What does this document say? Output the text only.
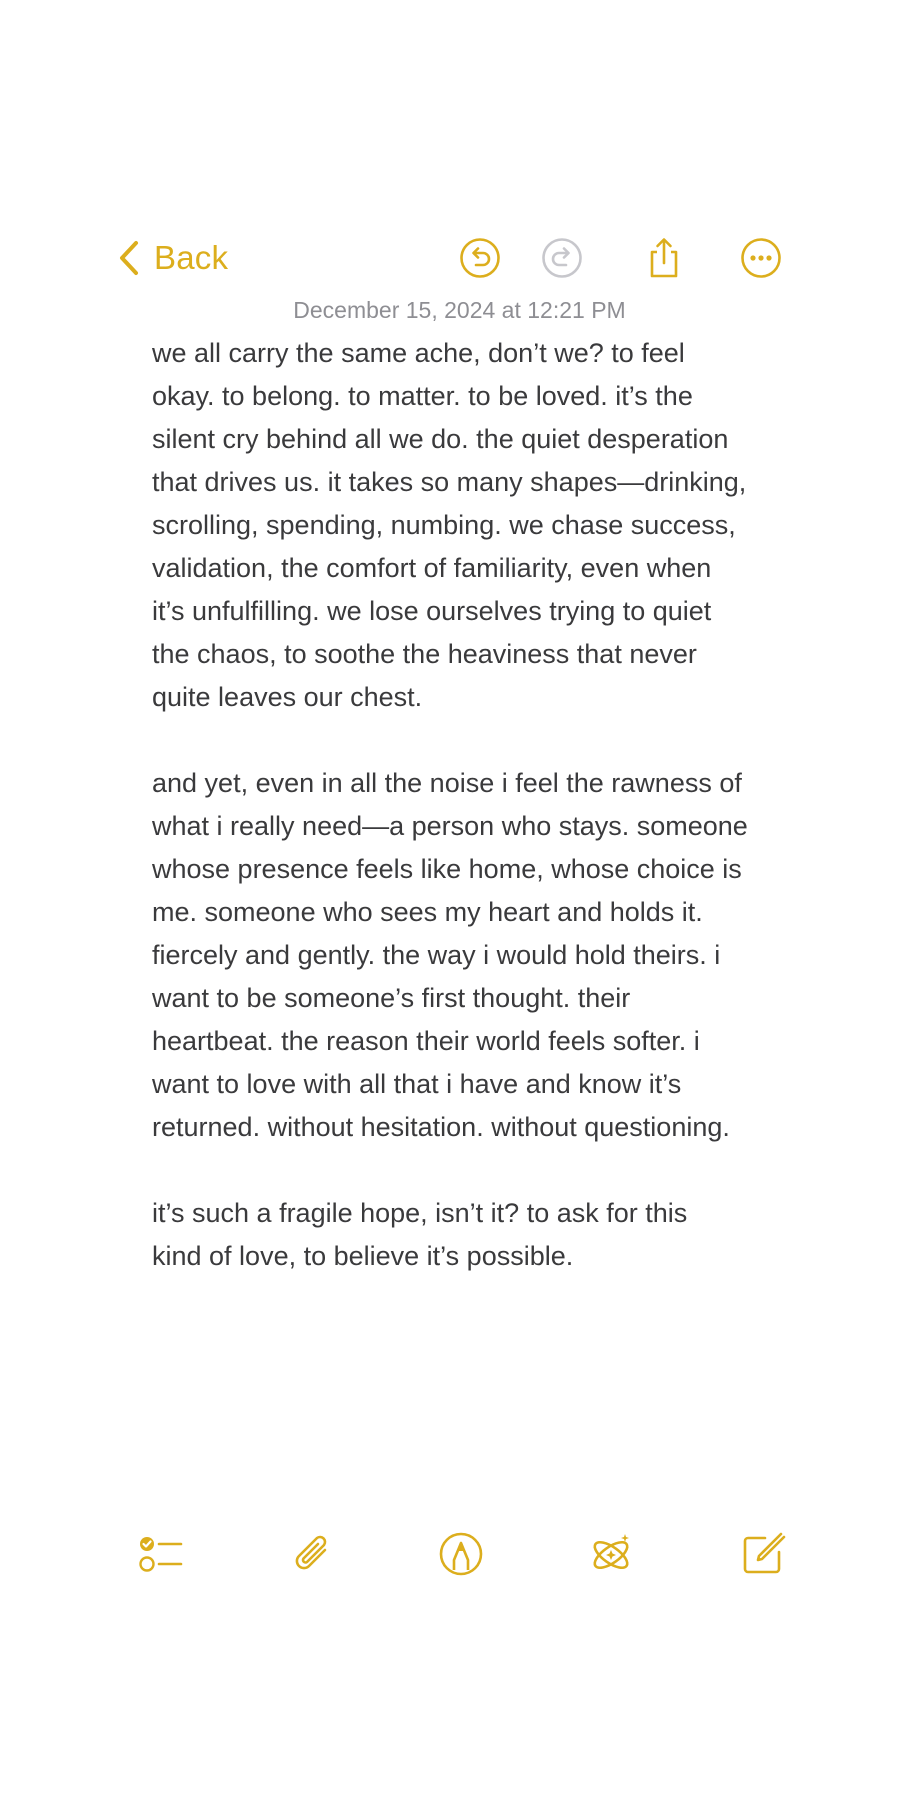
Back
December 15, 2024 at 12:21 PM
we all carry the same ache, don’t we? to feel
okay. to belong. to matter. to be loved. it’s the
silent cry behind all we do. the quiet desperation
that drives us. it takes so many shapes—drinking,
scrolling, spending, numbing. we chase success,
validation, the comfort of familiarity, even when
it’s unfulfilling. we lose ourselves trying to quiet
the chaos, to soothe the heaviness that never
quite leaves our chest.
and yet, even in all the noise i feel the rawness of
what i really need—a person who stays. someone
whose presence feels like home, whose choice is
me. someone who sees my heart and holds it.
fiercely and gently. the way i would hold theirs. i
want to be someone’s first thought. their
heartbeat. the reason their world feels softer. i
want to love with all that i have and know it’s
returned. without hesitation. without questioning.
it’s such a fragile hope, isn’t it? to ask for this
kind of love, to believe it’s possible.
